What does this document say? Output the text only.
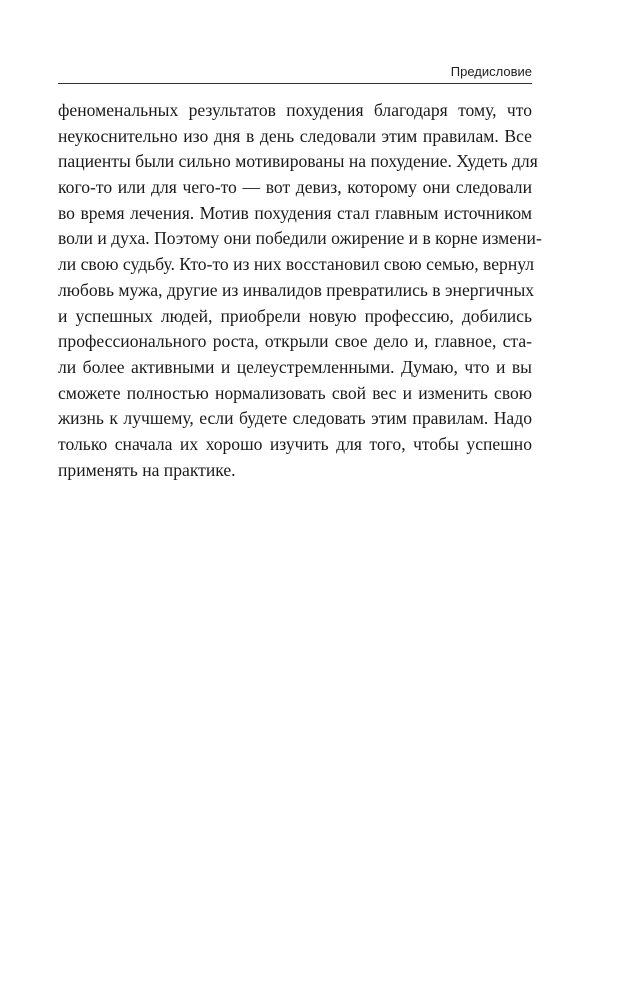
Предисловие
феноменальных результатов похудения благодаря тому, что
неукоснительно изо дня в день следовали этим правилам. Все
пациенты были сильно мотивированы на похудение. Худеть для
кого-то или для чего-то — вот девиз, которому они следовали
во время лечения. Мотив похудения стал главным источником
воли и духа. Поэтому они победили ожирение и в корне измени-
ли свою судьбу. Кто-то из них восстановил свою семью, вернул
любовь мужа, другие из инвалидов превратились в энергичных
и успешных людей, приобрели новую профессию, добились
профессионального роста, открыли свое дело и, главное, ста-
ли более активными и целеустремленными. Думаю, что и вы
сможете полностью нормализовать свой вес и изменить свою
жизнь к лучшему, если будете следовать этим правилам. Надо
только сначала их хорошо изучить для того, чтобы успешно
применять на практике.
